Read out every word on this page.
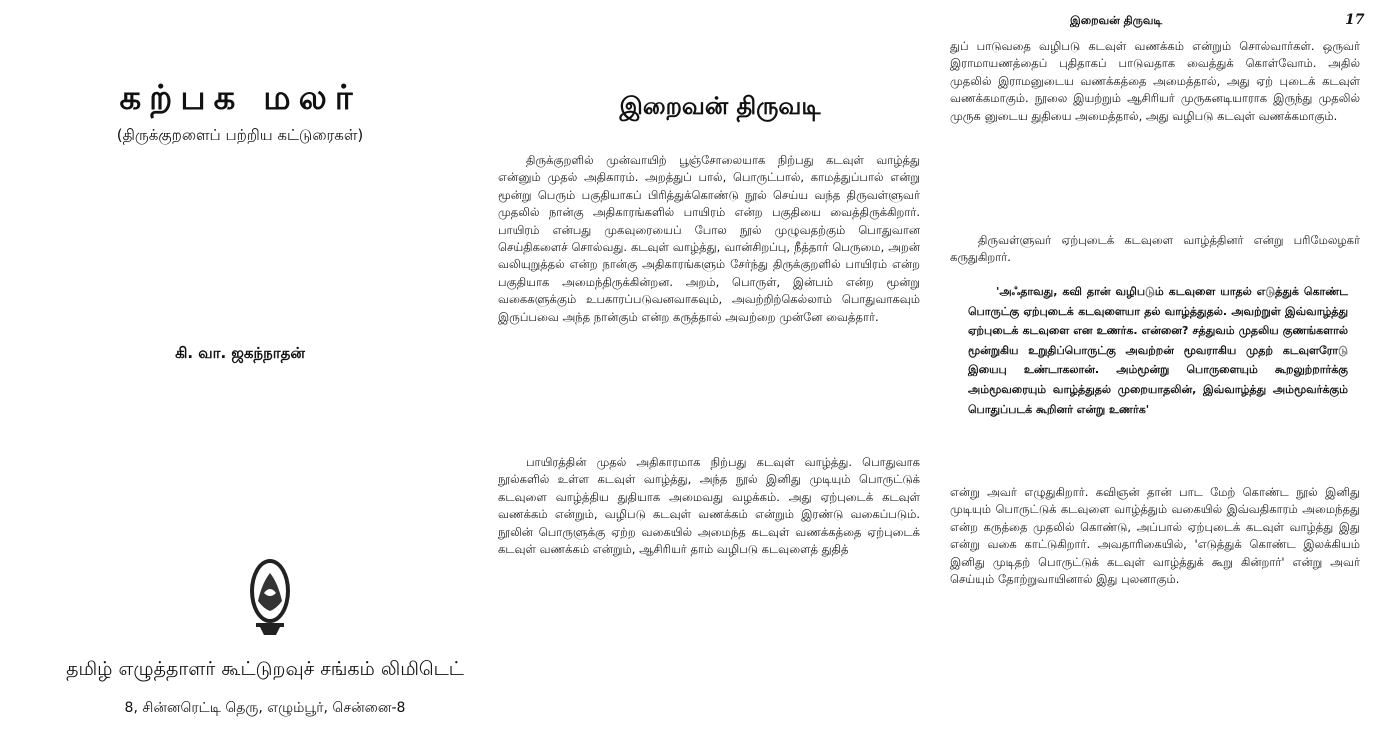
கற்பக மலர்
(திருக்குறளைப் பற்றிய கட்டுரைகள்)
கி. வா. ஜகந்நாதன்
தமிழ் எழுத்தாளர் கூட்டுறவுச் சங்கம் லிமிடெட்
8, சின்னரெட்டி தெரு, எழும்பூர், சென்னை-8
இறைவன் திருவடி

திருக்குறளில் முன்வாயிற் பூஞ்சோலையாக நிற்பது கடவுள் வாழ்த்து என்னும் முதல் அதிகாரம். அறத்துப் பால், பொருட்பால், காமத்துப்பால் என்று மூன்று பெரும் பகுதியாகப் பிரித்துக்கொண்டு நூல் செய்ய வந்த திருவள்ளுவர் முதலில் நான்கு அதிகாரங்களில் பாயிரம் என்ற பகுதியை வைத்திருக்கிறார். பாயிரம் என்பது முகவுரையைப் போல நூல் முழுவதற்கும் பொதுவான செய்திகளைச் சொல்வது. கடவுள் வாழ்த்து, வான்சிறப்பு, நீத்தார் பெருமை, அறன் வலியுறுத்தல் என்ற நான்கு அதிகாரங்களும் சேர்ந்து திருக்குறளில் பாயிரம் என்ற பகுதியாக அமைந்திருக்கின்றன. அறம், பொருள், இன்பம் என்ற மூன்று வகைகளுக்கும் உபகாரப்படுவனவாகவும், அவற்றிற்கெல்லாம் பொதுவாகவும் இருப்பவை அந்த நான்கும் என்ற கருத்தால் அவற்றை முன்னே வைத்தார்.

பாயிரத்தின் முதல் அதிகாரமாக நிற்பது கடவுள் வாழ்த்து. பொதுவாக நூல்களில் உள்ள கடவுள் வாழ்த்து, அந்த நூல் இனிது முடியும் பொருட்டுக் கடவுளை வாழ்த்திய துதியாக அமைவது வழக்கம். அது ஏற்புடைக் கடவுள் வணக்கம் என்றும், வழிபடு கடவுள் வணக்கம் என்றும் இரண்டு வகைப்படும். நூலின் பொருளுக்கு ஏற்ற வகையில் அமைந்த கடவுள் வணக்கத்தை ஏற்புடைக் கடவுள் வணக்கம் என்றும், ஆசிரியர் தாம் வழிபடு கடவுளைத் துதித்

இறைவன் திருவடி	17

துப் பாடுவதை வழிபடு கடவுள் வணக்கம் என்றும் சொல்வார்கள். ஒருவர் இராமாயணத்தைப் புதிதாகப் பாடுவதாக வைத்துக் கொள்வோம். அதில் முதலில் இராமனுடைய வணக்கத்தை அமைத்தால், அது ஏற் புடைக் கடவுள் வணக்கமாகும். நூலை இயற்றும் ஆசிரியர் முருகனடியாராக இருந்து முதலில் முருக னுடைய துதியை அமைத்தால், அது வழிபடு கடவுள் வணக்கமாகும்.

திருவள்ளுவர் ஏற்புடைக் கடவுளை வாழ்த்தினர் என்று பரிமேலழகர் கருதுகிறார்.

'அஃதாவது, கவி தான் வழிபடும் கடவுளை யாதல் எடுத்துக் கொண்ட பொருட்கு ஏற்புடைக் கடவுளையா தல் வாழ்த்துதல். அவற்றுள் இவ்வாழ்த்து ஏற்புடைக் கடவுளை என உணர்க. என்னை? சத்துவம் முதலிய குணங்களால் மூன்றுகிய உறுதிப்பொருட்கு அவற்றன் மூவராகிய முதற் கடவுளரோடு இயைபு உண்டாகலான். அம்மூன்று பொருளையும் கூறலுற்றார்க்கு அம்மூவரையும் வாழ்த்துதல் முறையாதலின், இவ்வாழ்த்து அம்மூவர்க்கும் பொதுப்படக் கூறினர் என்று உணர்க'

என்று அவர் எழுதுகிறார். கவிஞன் தான் பாட மேற் கொண்ட நூல் இனிது முடியும் பொருட்டுக் கடவுளை வாழ்த்தும் வகையில் இவ்வதிகாரம் அமைந்தது என்ற கருத்தை முதலில் கொண்டு, அப்பால் ஏற்புடைக் கடவுள் வாழ்த்து இது என்று வகை காட்டுகிறார். அவதாரிகையில், 'எடுத்துக் கொண்ட இலக்கியம் இனிது முடிதற் பொருட்டுக் கடவுள் வாழ்த்துக் கூறு கின்றார்' என்று அவர் செய்யும் தோற்றுவாயினால் இது புலனாகும்.
